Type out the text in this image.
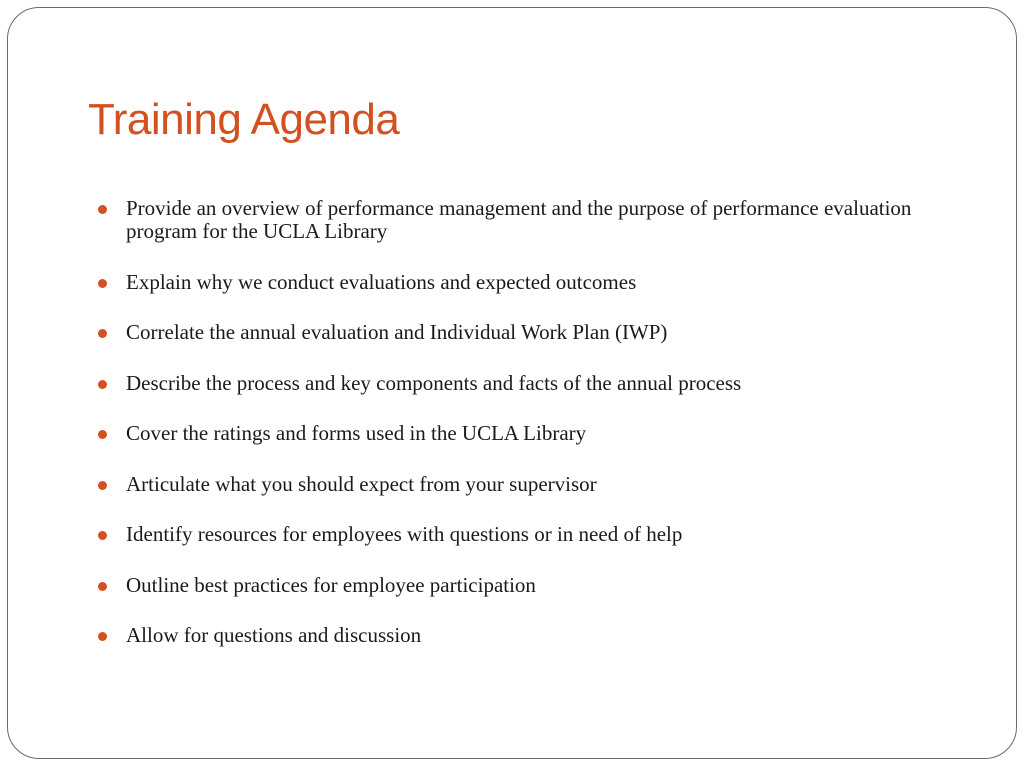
Training Agenda
Provide an overview of performance management and the purpose of performance evaluation program for the UCLA Library
Explain why we conduct evaluations and expected outcomes
Correlate the annual evaluation and Individual Work Plan (IWP)
Describe the process and key components and facts of the annual process
Cover the ratings and forms used in the UCLA Library
Articulate what you should expect from your supervisor
Identify resources for employees with questions or in need of help
Outline best practices for employee participation
Allow for questions and discussion
